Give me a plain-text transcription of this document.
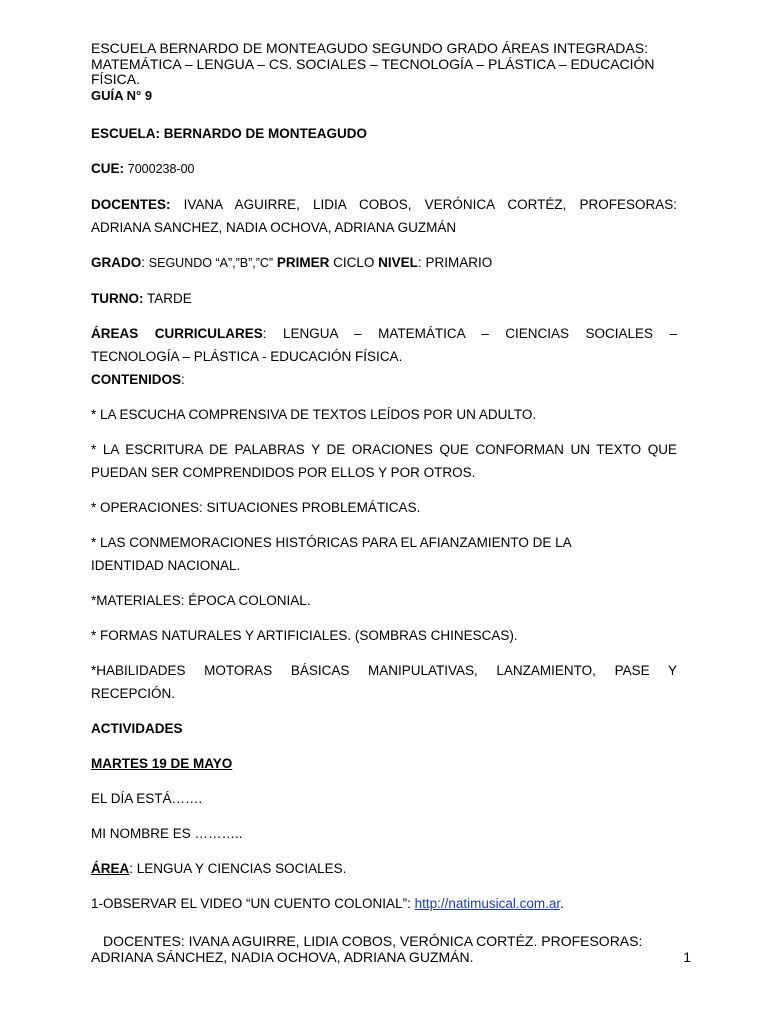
ESCUELA BERNARDO DE MONTEAGUDO SEGUNDO GRADO ÁREAS INTEGRADAS: MATEMÁTICA – LENGUA – CS. SOCIALES – TECNOLOGÍA – PLÁSTICA – EDUCACIÓN FÍSICA.
GUÍA N° 9

ESCUELA: BERNARDO DE MONTEAGUDO

CUE: 7000238-00

DOCENTES: IVANA AGUIRRE, LIDIA COBOS, VERÓNICA CORTÉZ, PROFESORAS:

ADRIANA SANCHEZ, NADIA OCHOVA, ADRIANA GUZMÁN

GRADO: SEGUNDO “A”,”B”,”C” PRIMER CICLO NIVEL: PRIMARIO

TURNO: TARDE

ÁREAS CURRICULARES: LENGUA – MATEMÁTICA – CIENCIAS SOCIALES –

TECNOLOGÍA – PLÁSTICA - EDUCACIÓN FÍSICA.

CONTENIDOS:

* LA ESCUCHA COMPRENSIVA DE TEXTOS LEÍDOS POR UN ADULTO.

* LA ESCRITURA DE PALABRAS Y DE ORACIONES QUE CONFORMAN UN TEXTO QUE

PUEDAN SER COMPRENDIDOS POR ELLOS Y POR OTROS.

* OPERACIONES: SITUACIONES PROBLEMÁTICAS.

* LAS CONMEMORACIONES HISTÓRICAS PARA EL AFIANZAMIENTO DE LA

IDENTIDAD NACIONAL.

*MATERIALES: ÉPOCA COLONIAL.

* FORMAS NATURALES Y ARTIFICIALES. (SOMBRAS CHINESCAS).

*HABILIDADES MOTORAS BÁSICAS MANIPULATIVAS, LANZAMIENTO, PASE Y

RECEPCIÓN.

ACTIVIDADES

MARTES 19 DE MAYO

EL DÍA ESTÁ…….

MI NOMBRE ES ………..

ÁREA: LENGUA Y CIENCIAS SOCIALES.

1-OBSERVAR EL VIDEO “UN CUENTO COLONIAL”: http://natimusical.com.ar.

DOCENTES: IVANA AGUIRRE, LIDIA COBOS, VERÓNICA CORTÉZ. PROFESORAS:
ADRIANA SÁNCHEZ, NADIA OCHOVA, ADRIANA GUZMÁN.	1
